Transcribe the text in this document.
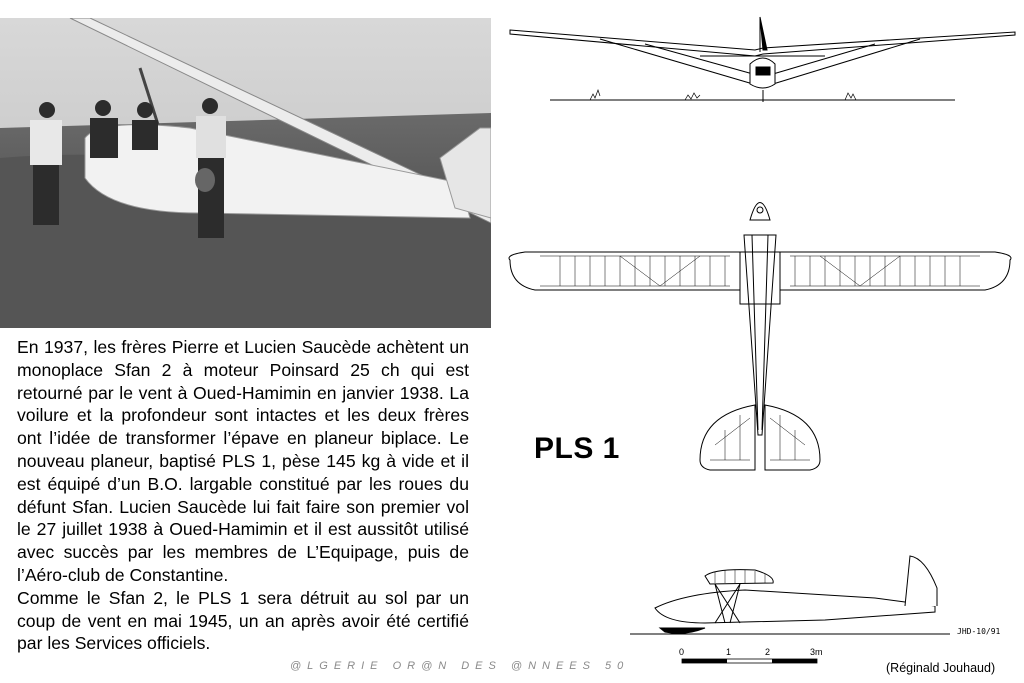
En 1937, les frères Pierre et Lucien Saucède achètent un monoplace Sfan 2 à moteur Poinsard 25 ch qui est retourné par le vent à Oued-Hamimin en janvier 1938. La voilure et la profondeur sont intactes et les deux frères ont l’idée de transformer l’épave en planeur biplace. Le nouveau planeur, baptisé PLS 1, pèse 145 kg à vide et il est équipé d’un B.O. largable constitué par les roues du défunt Sfan. Lucien Saucède lui fait faire son premier vol le 27 juillet 1938 à Oued-Hamimin et il est aussitôt utilisé avec succès par les membres de L’Equipage, puis de l’Aéro-club de Constantine.

Comme le Sfan 2, le PLS 1 sera détruit au sol par un coup de vent en mai 1945, un an après avoir été certifié par les Services officiels.

PLS 1
JHD-10/91
0	1	2	3m
@LGERIE OR@N DES @NNEES 50	(Réginald Jouhaud)
